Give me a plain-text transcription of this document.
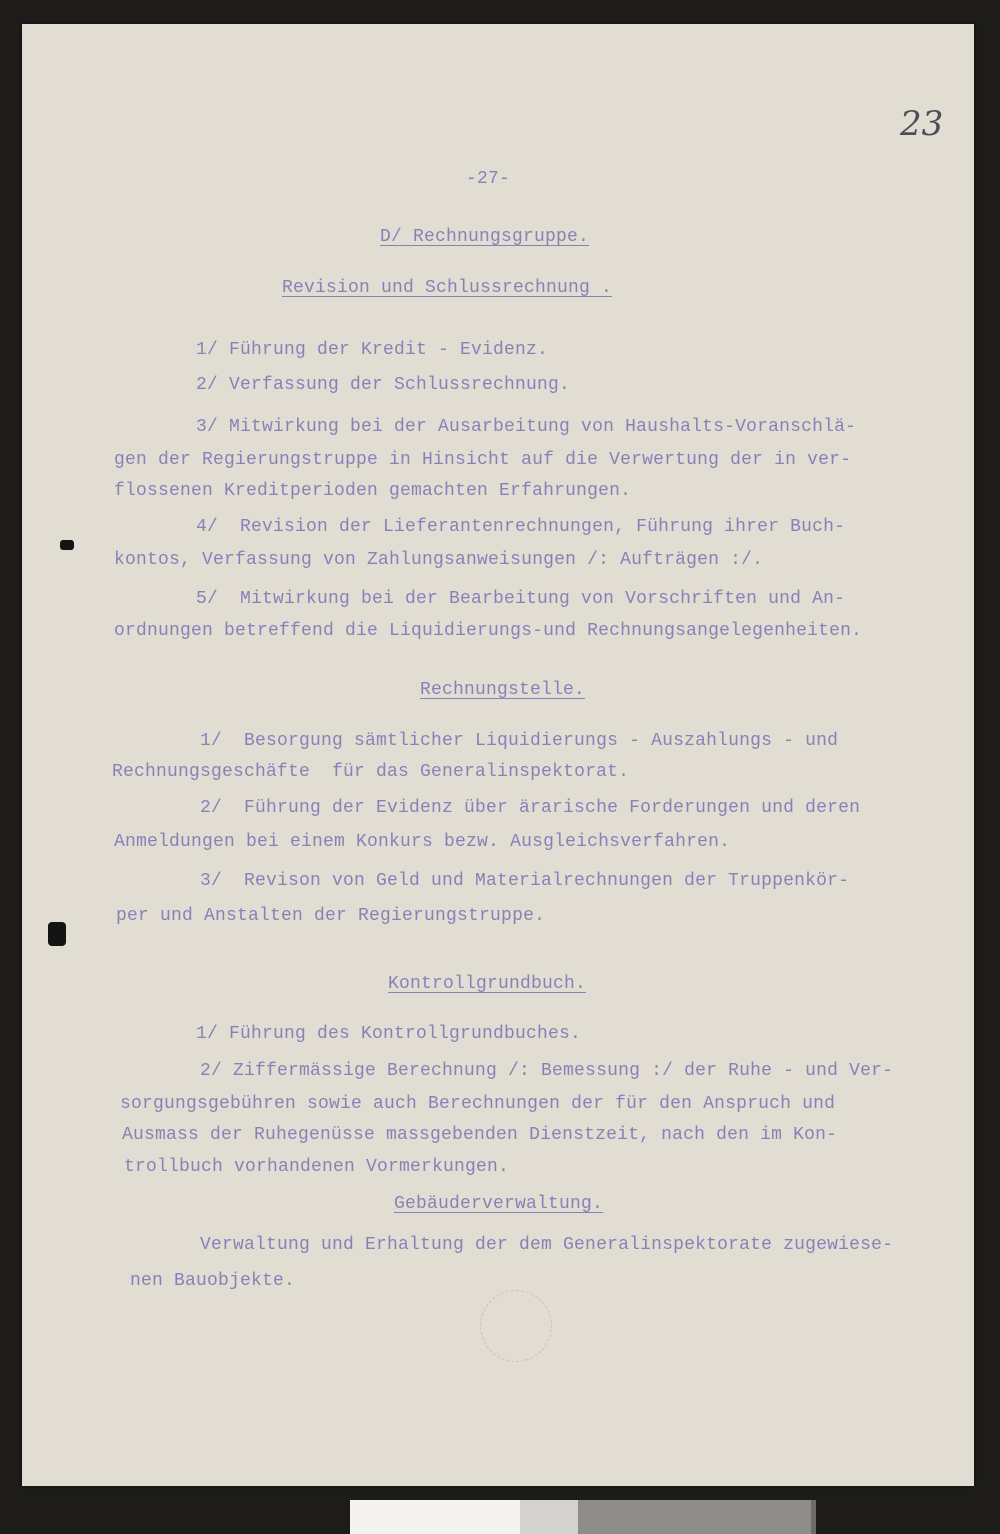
23

-27-

D/ Rechnungsgruppe.

Revision und Schlussrechnung .

1/ Führung der Kredit - Evidenz.

2/ Verfassung der Schlussrechnung.

3/ Mitwirkung bei der Ausarbeitung von Haushalts-Voranschlä-

gen der Regierungstruppe in Hinsicht auf die Verwertung der in ver-

flossenen Kreditperioden gemachten Erfahrungen.

4/  Revision der Lieferantenrechnungen, Führung ihrer Buch-

kontos, Verfassung von Zahlungsanweisungen /: Aufträgen :/.

5/  Mitwirkung bei der Bearbeitung von Vorschriften und An-

ordnungen betreffend die Liquidierungs-und Rechnungsangelegenheiten.

Rechnungstelle.

1/  Besorgung sämtlicher Liquidierungs - Auszahlungs - und

Rechnungsgeschäfte  für das Generalinspektorat.

2/  Führung der Evidenz über ärarische Forderungen und deren

Anmeldungen bei einem Konkurs bezw. Ausgleichsverfahren.

3/  Revison von Geld und Materialrechnungen der Truppenkör-

per und Anstalten der Regierungstruppe.

Kontrollgrundbuch.

1/ Führung des Kontrollgrundbuches.

2/ Ziffermässige Berechnung /: Bemessung :/ der Ruhe - und Ver-

sorgungsgebühren sowie auch Berechnungen der für den Anspruch und

Ausmass der Ruhegenüsse massgebenden Dienstzeit, nach den im Kon-

trollbuch vorhandenen Vormerkungen.

Gebäuderverwaltung.

Verwaltung und Erhaltung der dem Generalinspektorate zugewiese-

nen Bauobjekte.
